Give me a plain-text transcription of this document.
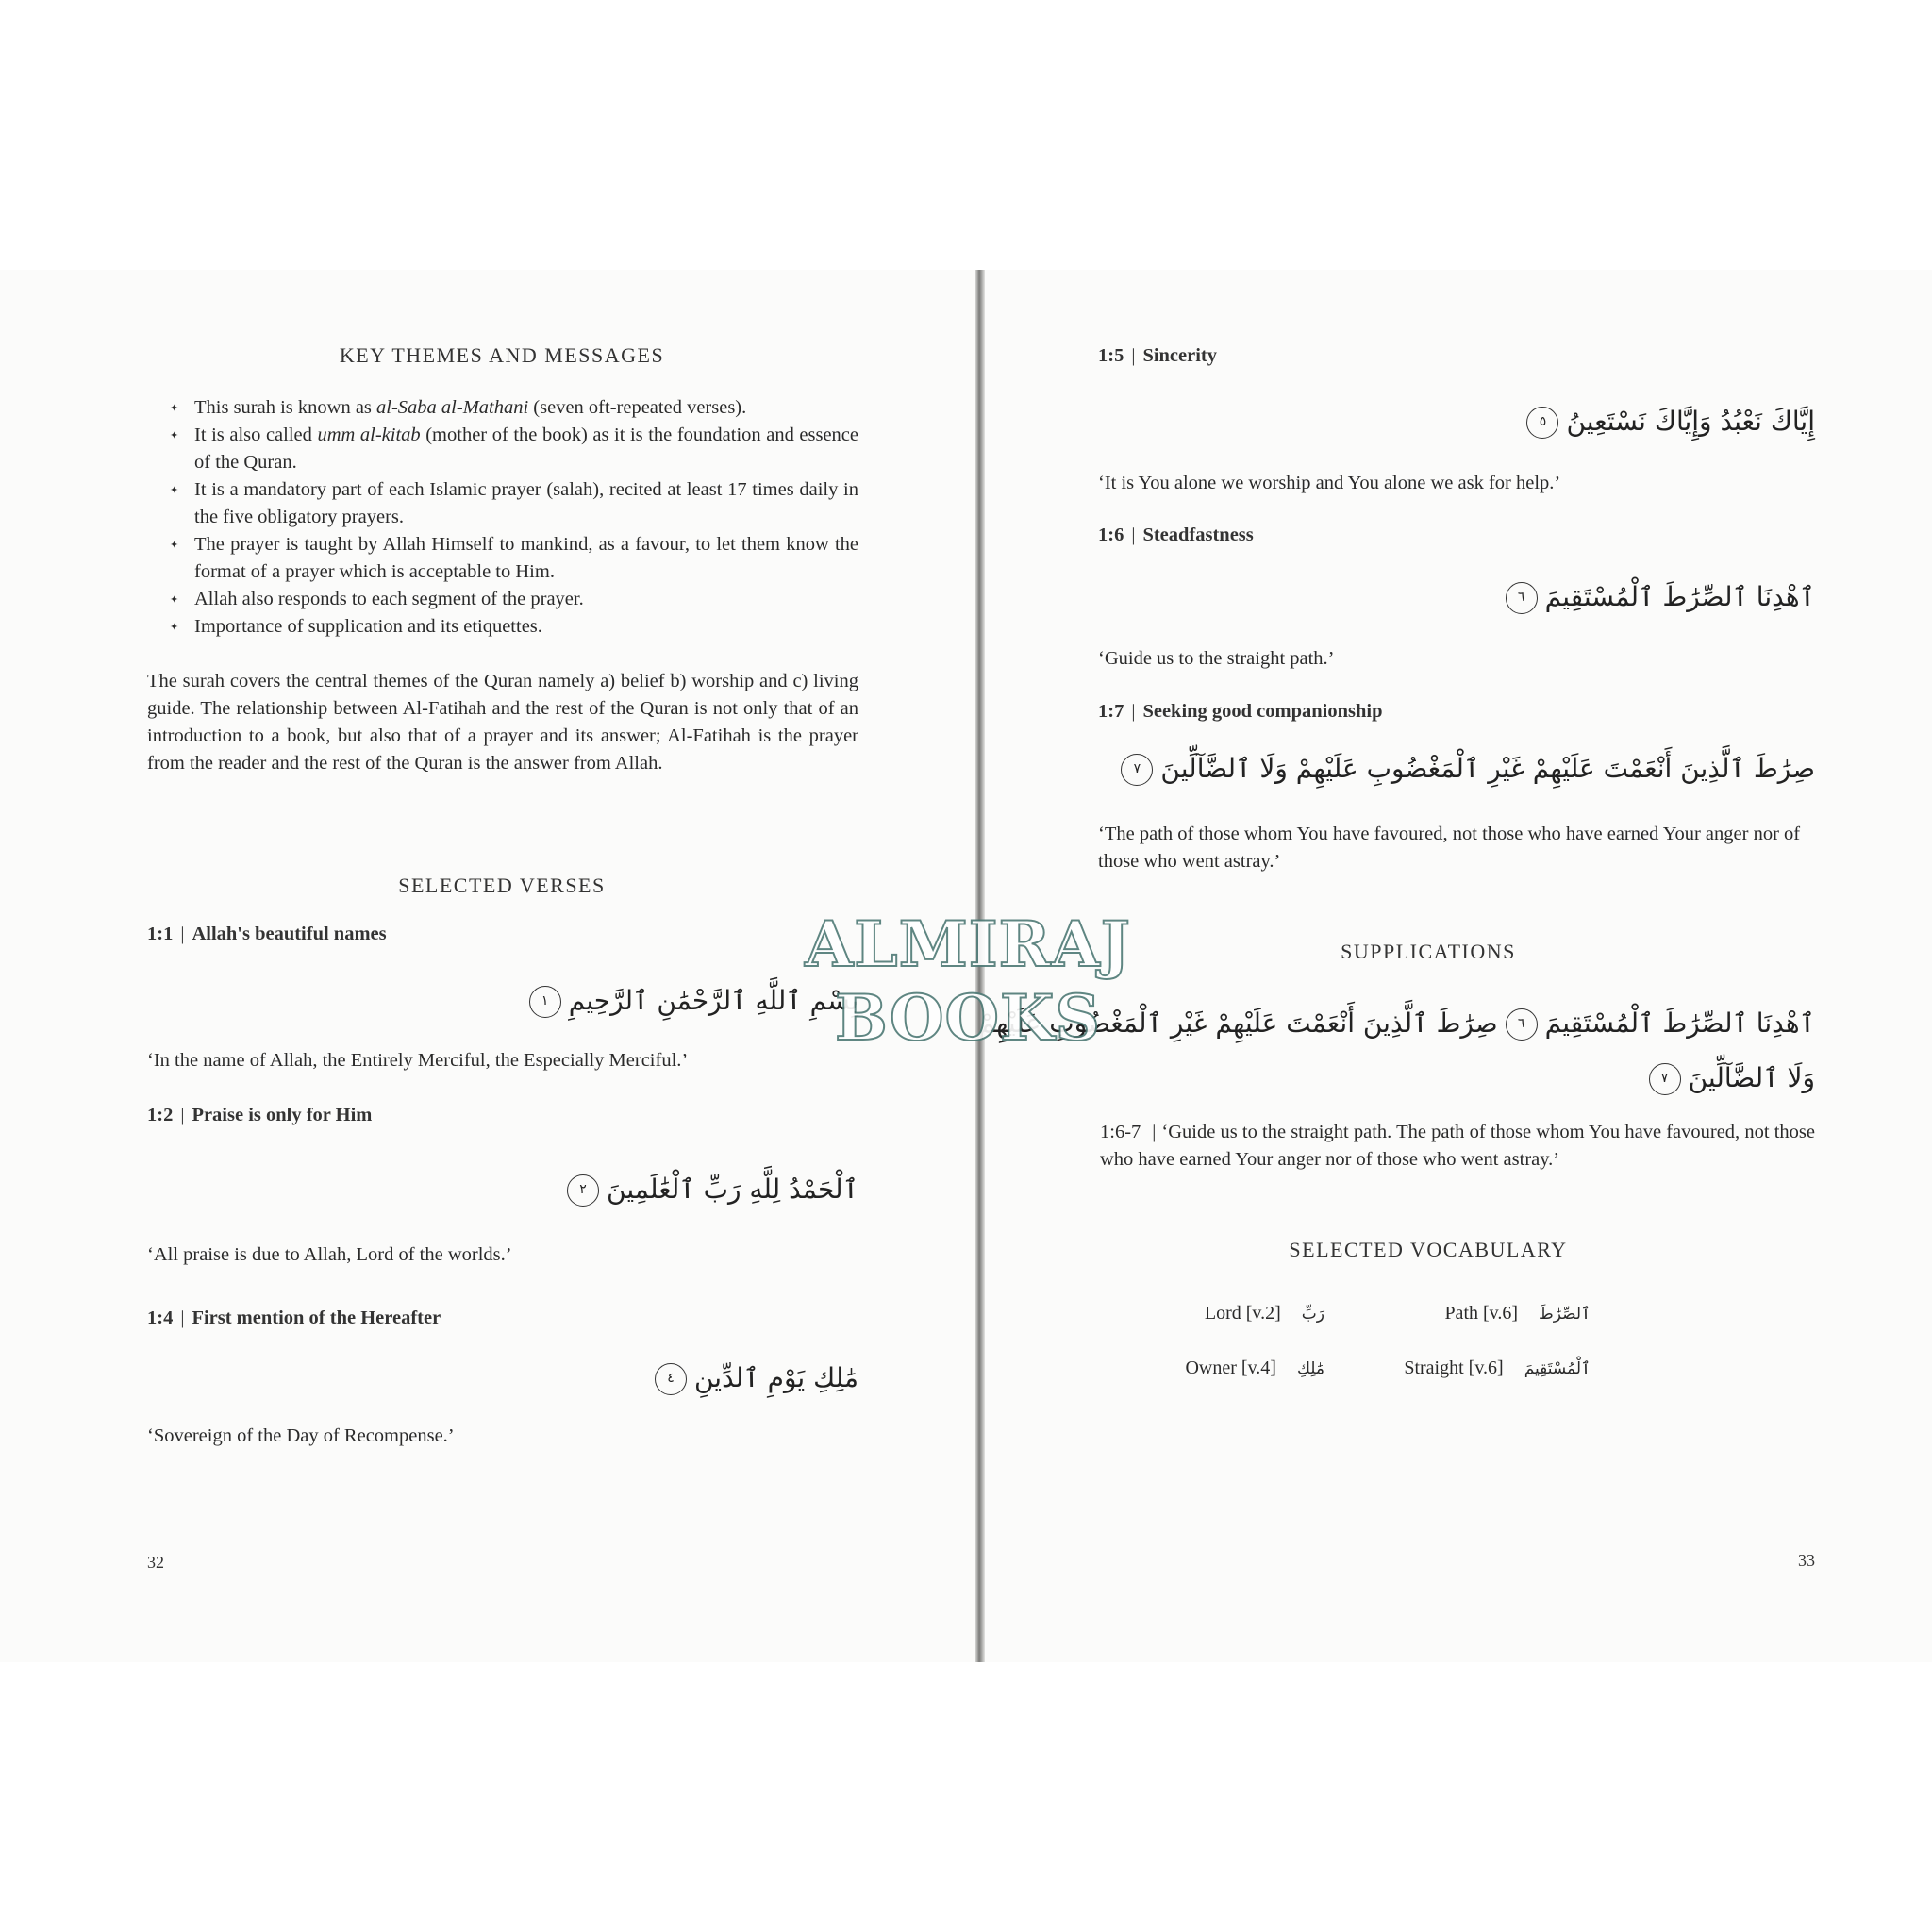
KEY THEMES AND MESSAGES
✦ This surah is known as al-Saba al-Mathani (seven oft-repeated verses).
✦ It is also called umm al-kitab (mother of the book) as it is the foundation and essence of the Quran.
✦ It is a mandatory part of each Islamic prayer (salah), recited at least 17 times daily in the five obligatory prayers.
✦ The prayer is taught by Allah Himself to mankind, as a favour, to let them know the format of a prayer which is acceptable to Him.
✦ Allah also responds to each segment of the prayer.
✦ Importance of supplication and its etiquettes.
The surah covers the central themes of the Quran namely a) belief b) worship and c) living guide. The relationship between Al-Fatihah and the rest of the Quran is not only that of an introduction to a book, but also that of a prayer and its answer; Al-Fatihah is the prayer from the reader and the rest of the Quran is the answer from Allah.
SELECTED VERSES
1:1 | Allah's beautiful names
بِسْمِ ٱللَّهِ ٱلرَّحْمَٰنِ ٱلرَّحِيمِ١
‘In the name of Allah, the Entirely Merciful, the Especially Merciful.’
1:2 | Praise is only for Him
ٱلْحَمْدُ لِلَّهِ رَبِّ ٱلْعَٰلَمِينَ٢
‘All praise is due to Allah, Lord of the worlds.’
1:4 | First mention of the Hereafter
مَٰلِكِ يَوْمِ ٱلدِّينِ٤
‘Sovereign of the Day of Recompense.’
32
1:5 | Sincerity
إِيَّاكَ نَعْبُدُ وَإِيَّاكَ نَسْتَعِينُ٥
‘It is You alone we worship and You alone we ask for help.’
1:6 | Steadfastness
ٱهْدِنَا ٱلصِّرَٰطَ ٱلْمُسْتَقِيمَ٦
‘Guide us to the straight path.’
1:7 | Seeking good companionship
صِرَٰطَ ٱلَّذِينَ أَنْعَمْتَ عَلَيْهِمْ غَيْرِ ٱلْمَغْضُوبِ عَلَيْهِمْ وَلَا ٱلضَّآلِّينَ٧
‘The path of those whom You have favoured, not those who have earned Your anger nor of those who went astray.’
SUPPLICATIONS
ٱهْدِنَا ٱلصِّرَٰطَ ٱلْمُسْتَقِيمَ٦صِرَٰطَ ٱلَّذِينَ أَنْعَمْتَ عَلَيْهِمْ غَيْرِ ٱلْمَغْضُوبِ عَلَيْهِمْ
وَلَا ٱلضَّآلِّينَ٧
1:6-7 | ‘Guide us to the straight path. The path of those whom You have favoured, not those who have earned Your anger nor of those who went astray.’
SELECTED VOCABULARY
Lord [v.2] رَبِّ	Path [v.6] ٱلصِّرَٰطَ
Owner [v.4] مَٰلِكِ	Straight [v.6] ٱلْمُسْتَقِيمَ
33
ALMIRAJ BOOKS
